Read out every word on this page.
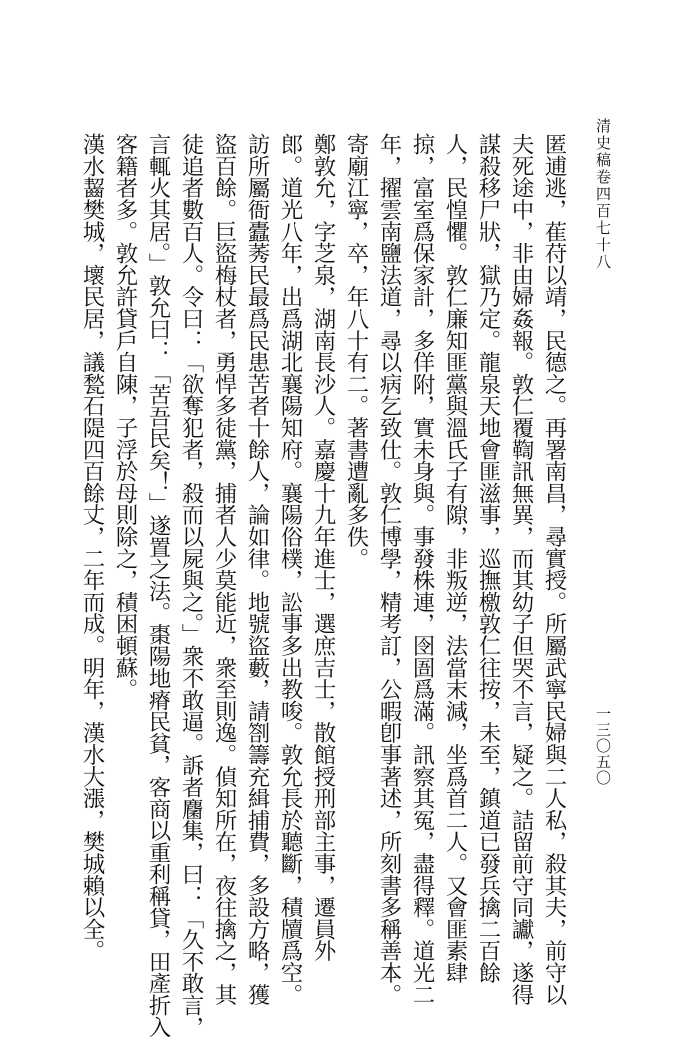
清史稿卷四百七十八
一三〇五〇
匿逋逃，萑苻以靖，民德之。再署南昌，尋實授。所屬武寧民婦與二人私，殺其夫，前守以
夫死途中，非由婦姦報。敦仁覆鞫訊無異，而其幼子但哭不言，疑之。詰留前守同讞，遂得
謀殺移尸狀，獄乃定。龍泉天地會匪滋事，巡撫檄敦仁往按，未至，鎮道已發兵擒二百餘
人，民惶懼。敦仁廉知匪黨與溫氏子有隙，非叛逆，法當末減，坐爲首二人。又會匪素肆
掠，富室爲保家計，多佯附，實未身與。事發株連，囹圄爲滿。訊察其冤，盡得釋。道光二
年，擢雲南鹽法道，尋以病乞致仕。敦仁博學，精考訂，公暇卽事著述，所刻書多稱善本。
寄廟江寧，卒，年八十有二。著書遭亂多佚。
鄭敦允，字芝泉，湖南長沙人。嘉慶十九年進士，選庶吉士，散館授刑部主事，遷員外
郎。道光八年，出爲湖北襄陽知府。襄陽俗樸，訟事多出教唆。敦允長於聽斷，積牘爲空。
訪所屬衙蠹莠民最爲民患苦者十餘人，論如律。地號盜藪，請劄籌充緝捕費，多設方略，獲
盜百餘。巨盜梅杖者，勇悍多徒黨，捕者人少莫能近，衆至則逸。偵知所在，夜往擒之，其
徒追者數百人。令曰：「欲奪犯者，殺而以屍與之。」衆不敢逼。訴者麕集，曰：「久不敢言，
言輒火其居。」敦允曰：「苦吾民矣！」遂置之法。棗陽地瘠民貧，客商以重利稱貸，田產折入
客籍者多。敦允許貸戶自陳，子浮於母則除之，積困頓蘇。
漢水齧樊城，壞民居，議甃石隄四百餘丈，二年而成。明年，漢水大漲，樊城賴以全。
